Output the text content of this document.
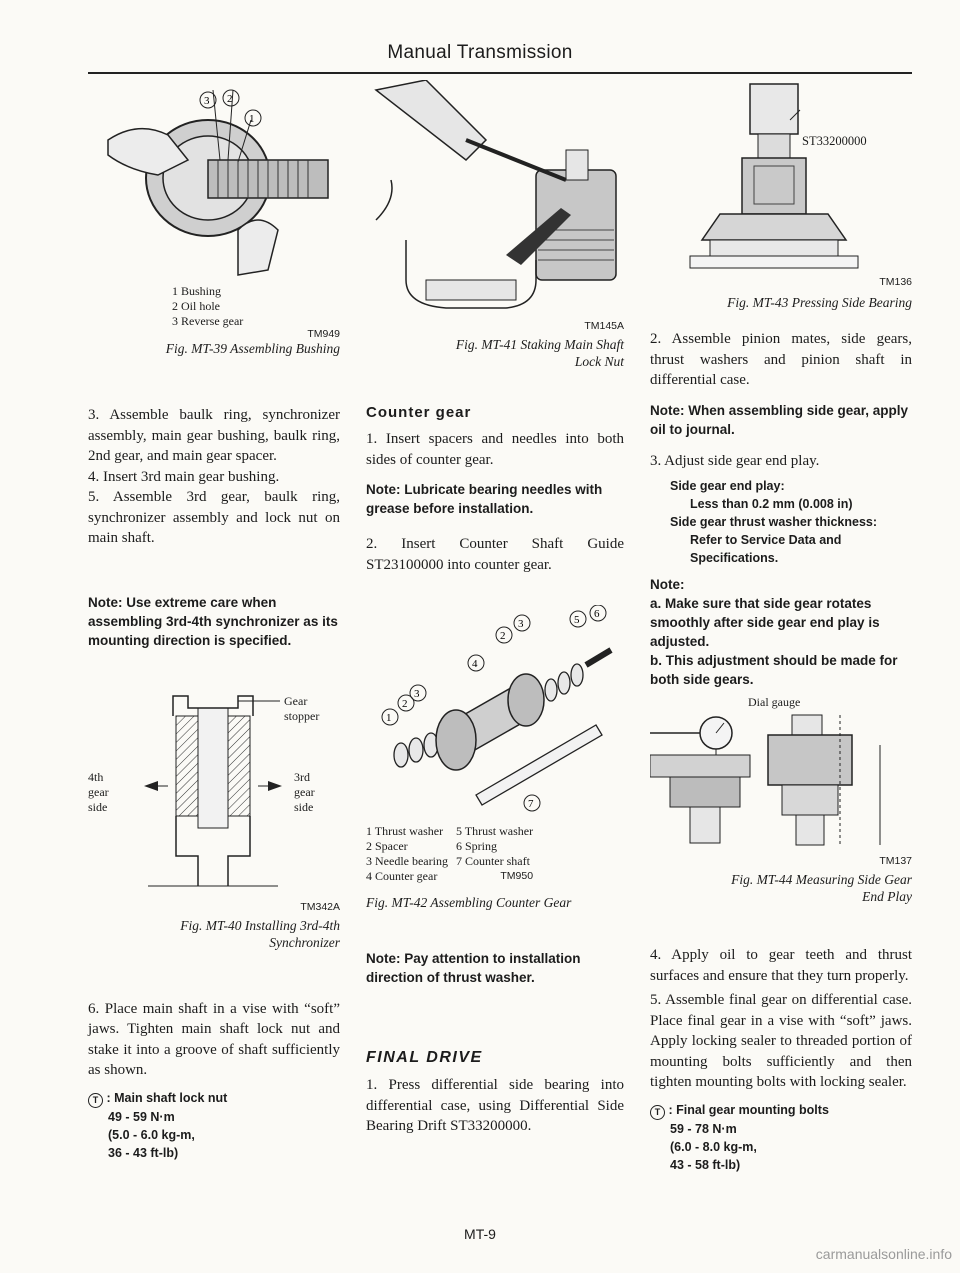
Manual Transmission
3 2
1
1 Bushing
2 Oil hole
3 Reverse gear
TM949
Fig. MT-39 Assembling Bushing

3. Assemble baulk ring, synchronizer assembly, main gear bushing, baulk ring, 2nd gear, and main gear spacer.

4. Insert 3rd main gear bushing.

5. Assemble 3rd gear, baulk ring, synchronizer assembly and lock nut on main shaft.

Note: Use extreme care when assembling 3rd-4th synchronizer as its mounting direction is specified.
Gear
stopper
4th
gear
side
3rd
gear
side
TM342A
Fig. MT-40 Installing 3rd-4th
Synchronizer

6. Place main shaft in a vise with “soft” jaws. Tighten main shaft lock nut and stake it into a groove of shaft sufficiently as shown.

T : Main shaft lock nut
49 - 59 N·m
(5.0 - 6.0 kg-m,
36 - 43 ft-lb)
TM145A
Fig. MT-41 Staking Main Shaft
Lock Nut
Counter gear

1. Insert spacers and needles into both sides of counter gear.

Note: Lubricate bearing needles with grease before installation.

2. Insert Counter Shaft Guide ST23100000 into counter gear.

1
2
3
4
2
3	5 6
7
1 Thrust washer	5 Thrust washer
2 Spacer	6 Spring
3 Needle bearing	7 Counter shaft
4 Counter gear	TM950
Fig. MT-42 Assembling Counter Gear
Note: Pay attention to installation direction of thrust washer.
FINAL DRIVE

1. Press differential side bearing into differential case, using Differential Side Bearing Drift ST33200000.

ST33200000
TM136
Fig. MT-43 Pressing Side Bearing

2. Assemble pinion mates, side gears, thrust washers and pinion shaft in differential case.

Note: When assembling side gear, apply oil to journal.

3. Adjust side gear end play.

Side gear end play:
Less than 0.2 mm (0.008 in)
Side gear thrust washer thickness:
Refer to Service Data and
Specifications.
Note:
a. Make sure that side gear rotates smoothly after side gear end play is adjusted.
b. This adjustment should be made for both side gears.
Dial gauge
TM137
Fig. MT-44 Measuring Side Gear
End Play

4. Apply oil to gear teeth and thrust surfaces and ensure that they turn properly.

5. Assemble final gear on differential case. Place final gear in a vise with “soft” jaws. Apply locking sealer to threaded portion of mounting bolts sufficiently and then tighten mounting bolts with locking sealer.

T : Final gear mounting bolts
59 - 78 N·m
(6.0 - 8.0 kg-m,
43 - 58 ft-lb)
MT-9
carmanualsonline.info
